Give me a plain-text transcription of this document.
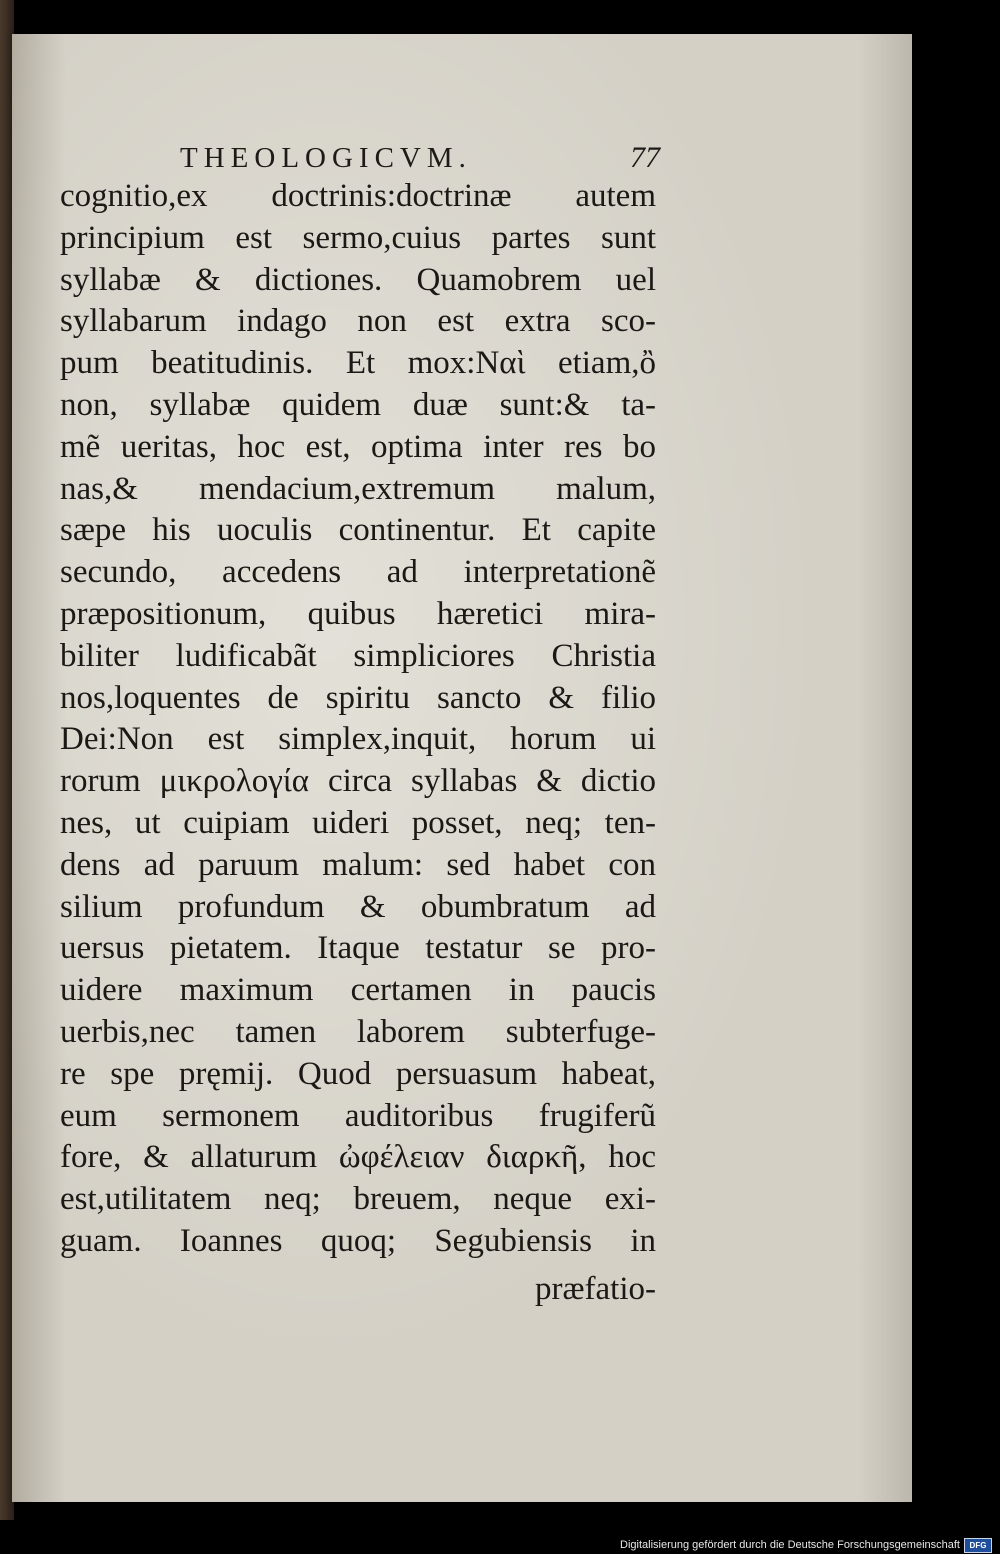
THEOLOGICVM.	77
cognitio,ex doctrinis:doctrinæ autem
principium est sermo,cuius partes sunt
syllabæ & dictiones. Quamobrem uel
syllabarum indago non est extra sco-
pum beatitudinis. Et mox:Ναὶ etiam,ὂ
non, syllabæ quidem duæ sunt:& ta-
mẽ ueritas, hoc est, optima inter res bo
nas,& mendacium,extremum malum,
sæpe his uoculis continentur. Et capite
secundo, accedens ad interpretationẽ
præpositionum, quibus hæretici mira-
biliter ludificabãt simpliciores Christia
nos,loquentes de spiritu sancto & filio
Dei:Non est simplex,inquit, horum ui
rorum μικρολογία circa syllabas & dictio
nes, ut cuipiam uideri posset, neq; ten-
dens ad paruum malum: sed habet con
silium profundum & obumbratum ad
uersus pietatem. Itaque testatur se pro-
uidere maximum certamen in paucis
uerbis,nec tamen laborem subterfuge-
re spe pręmij. Quod persuasum habeat,
eum sermonem auditoribus frugiferũ
fore, & allaturum ὠφέλειαν διαρκῆ, hoc
est,utilitatem neq; breuem, neque exi-
guam. Ioannes quoq; Segubiensis in
præfatio-
Digitalisierung gefördert durch die Deutsche Forschungsgemeinschaft	DFG
